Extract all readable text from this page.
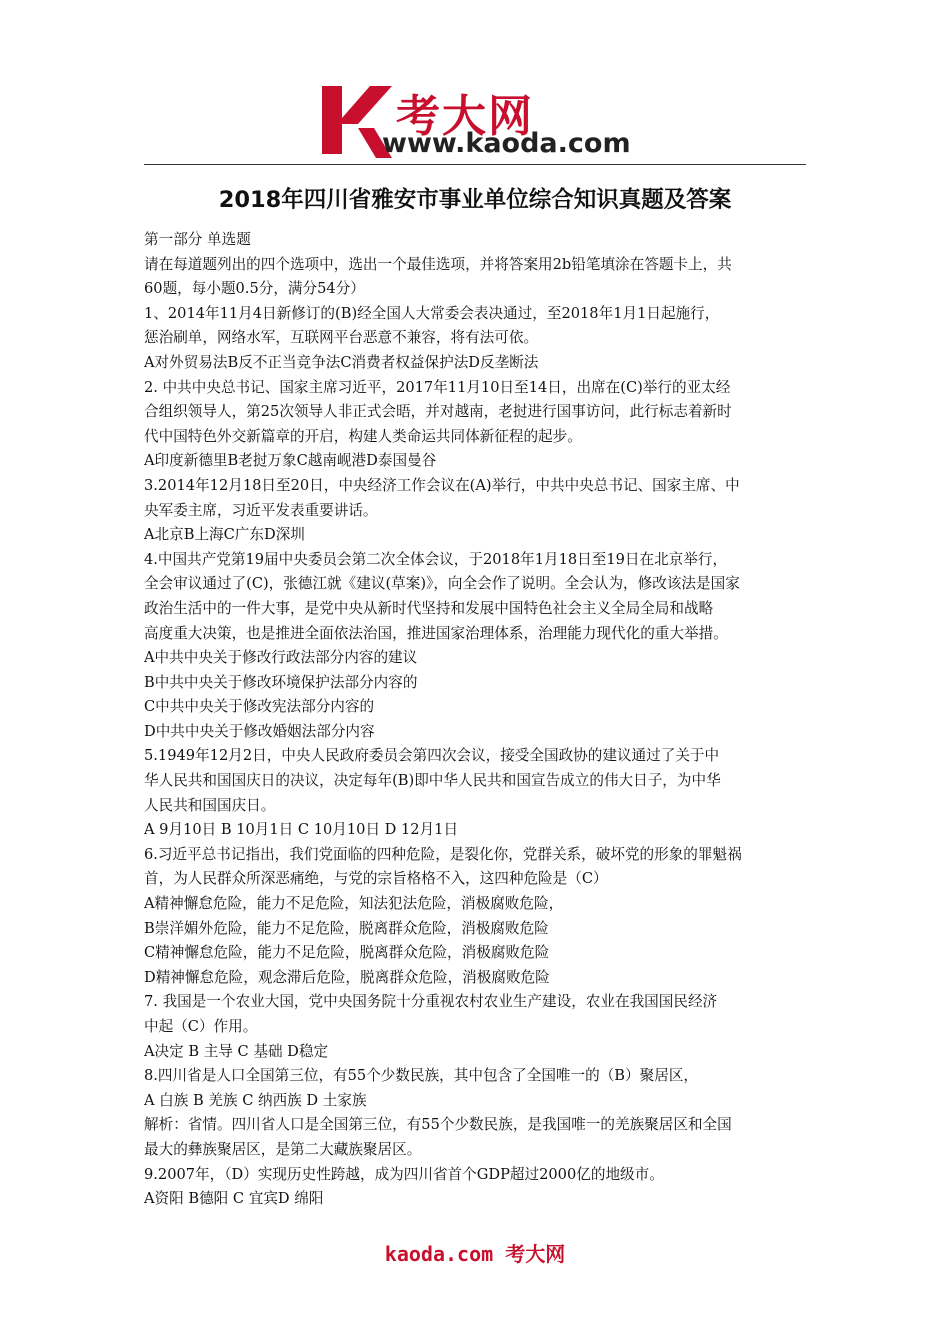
考大网
www.kaoda.com
2018年四川省雅安市事业单位综合知识真题及答案
第一部分 单选题
请在每道题列出的四个选项中，选出一个最佳选项，并将答案用2b铅笔填涂在答题卡上，共
60题，每小题0.5分，满分54分）
1、2014年11月4日新修订的(B)经全国人大常委会表决通过，至2018年1月1日起施行，
惩治刷单，网络水军，互联网平台恶意不兼容，将有法可依。
A对外贸易法B反不正当竞争法C消费者权益保护法D反垄断法
2. 中共中央总书记、国家主席习近平，2017年11月10日至14日，出席在(C)举行的亚太经
合组织领导人，第25次领导人非正式会晤，并对越南，老挝进行国事访问，此行标志着新时
代中国特色外交新篇章的开启，构建人类命运共同体新征程的起步。
A印度新德里B老挝万象C越南岘港D泰国曼谷
3.2014年12月18日至20日，中央经济工作会议在(A)举行，中共中央总书记、国家主席、中
央军委主席，习近平发表重要讲话。
A北京B上海C广东D深圳
4.中国共产党第19届中央委员会第二次全体会议，于2018年1月18日至19日在北京举行，
全会审议通过了(C)，张德江就《建议(草案)》，向全会作了说明。全会认为，修改该法是国家
政治生活中的一件大事，是党中央从新时代坚持和发展中国特色社会主义全局全局和战略
高度重大决策，也是推进全面依法治国，推进国家治理体系，治理能力现代化的重大举措。
A中共中央关于修改行政法部分内容的建议
B中共中央关于修改环境保护法部分内容的
C中共中央关于修改宪法部分内容的
D中共中央关于修改婚姻法部分内容
5.1949年12月2日，中央人民政府委员会第四次会议，接受全国政协的建议通过了关于中
华人民共和国国庆日的决议，决定每年(B)即中华人民共和国宣告成立的伟大日子，为中华
人民共和国国庆日。
A 9月10日 B 10月1日 C 10月10日 D 12月1日
6.习近平总书记指出，我们党面临的四种危险，是裂化你，党群关系，破坏党的形象的罪魁祸
首，为人民群众所深恶痛绝，与党的宗旨格格不入，这四种危险是（C）
A精神懈怠危险，能力不足危险，知法犯法危险，消极腐败危险，
B崇洋媚外危险，能力不足危险，脱离群众危险，消极腐败危险
C精神懈怠危险，能力不足危险，脱离群众危险，消极腐败危险
D精神懈怠危险，观念滞后危险，脱离群众危险，消极腐败危险
7. 我国是一个农业大国，党中央国务院十分重视农村农业生产建设，农业在我国国民经济
中起（C）作用。
A决定 B 主导 C 基础 D稳定
8.四川省是人口全国第三位，有55个少数民族，其中包含了全国唯一的（B）聚居区，
A 白族 B 羌族 C 纳西族 D 土家族
解析：省情。四川省人口是全国第三位，有55个少数民族，是我国唯一的羌族聚居区和全国
最大的彝族聚居区，是第二大藏族聚居区。
9.2007年，（D）实现历史性跨越，成为四川省首个GDP超过2000亿的地级市。
A资阳 B德阳 C 宜宾D 绵阳
kaoda.com 考大网
